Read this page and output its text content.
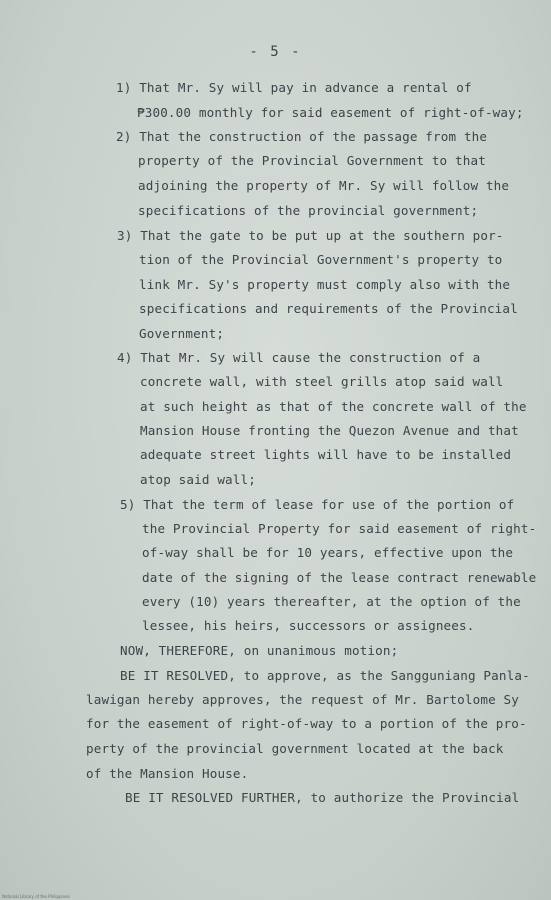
- 5 -
1) That Mr. Sy will pay in advance a rental of
₱300.00 monthly for said easement of right-of-way;
2) That the construction of the passage from the
property of the Provincial Government to that
adjoining the property of Mr. Sy will follow the
specifications of the provincial government;
3) That the gate to be put up at the southern por-
tion of the Provincial Government's property to
link Mr. Sy's property must comply also with the
specifications and requirements of the Provincial
Government;
4) That Mr. Sy will cause the construction of a
concrete wall, with steel grills atop said wall
at such height as that of the concrete wall of the
Mansion House fronting the Quezon Avenue and that
adequate street lights will have to be installed
atop said wall;
5) That the term of lease for use of the portion of
the Provincial Property for said easement of right-
of-way shall be for 10 years, effective upon the
date of the signing of the lease contract renewable
every (10) years thereafter, at the option of the
lessee, his heirs, successors or assignees.
NOW, THEREFORE, on unanimous motion;
BE IT RESOLVED, to approve, as the Sangguniang Panla-
lawigan hereby approves, the request of Mr. Bartolome Sy
for the easement of right-of-way to a portion of the pro-
perty of the provincial government located at the back
of the Mansion House.
BE IT RESOLVED FURTHER, to authorize the Provincial
National Library of the Philippines
